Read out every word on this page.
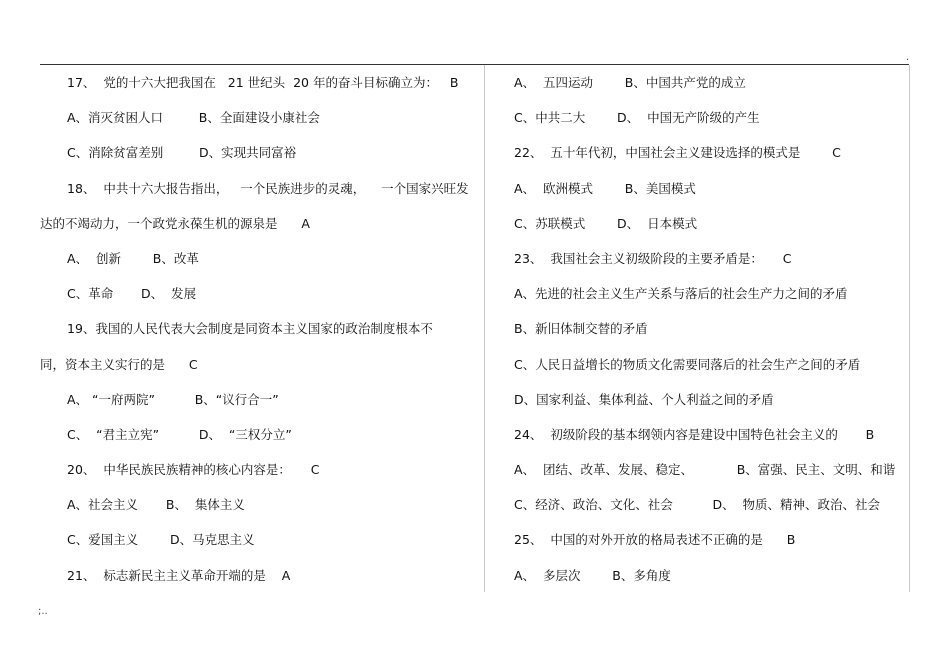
.
17、  党的十六大把我国在   21 世纪头  20 年的奋斗目标确立为：   B
A、消灭贫困人口         B、全面建设小康社会
C、消除贫富差别         D、实现共同富裕
18、  中共十六大报告指出，   一个民族进步的灵魂，    一个国家兴旺发
达的不竭动力，一个政党永葆生机的源泉是      A
A、  创新        B、改革
C、革命       D、  发展
19、我国的人民代表大会制度是同资本主义国家的政治制度根本不
同，资本主义实行的是      C
A、 “一府两院”          B、“议行合一”
C、  “君主立宪”          D、  “三权分立”
20、  中华民族民族精神的核心内容是：     C
A、社会主义       B、  集体主义
C、爱国主义        D、马克思主义
21、  标志新民主主义革命开端的是    A
A、  五四运动        B、中国共产党的成立
C、中共二大        D、  中国无产阶级的产生
22、  五十年代初，中国社会主义建设选择的模式是        C
A、  欧洲模式        B、美国模式
C、苏联模式        D、  日本模式
23、  我国社会主义初级阶段的主要矛盾是：     C
A、先进的社会主义生产关系与落后的社会生产力之间的矛盾
B、新旧体制交替的矛盾
C、人民日益增长的物质文化需要同落后的社会生产之间的矛盾
D、国家利益、集体利益、个人利益之间的矛盾
24、  初级阶段的基本纲领内容是建设中国特色社会主义的       B
A、  团结、改革、发展、稳定、           B、富强、民主、文明、和谐
C、经济、政治、文化、社会          D、  物质、精神、政治、社会
25、  中国的对外开放的格局表述不正确的是      B
A、  多层次        B、多角度
;..
